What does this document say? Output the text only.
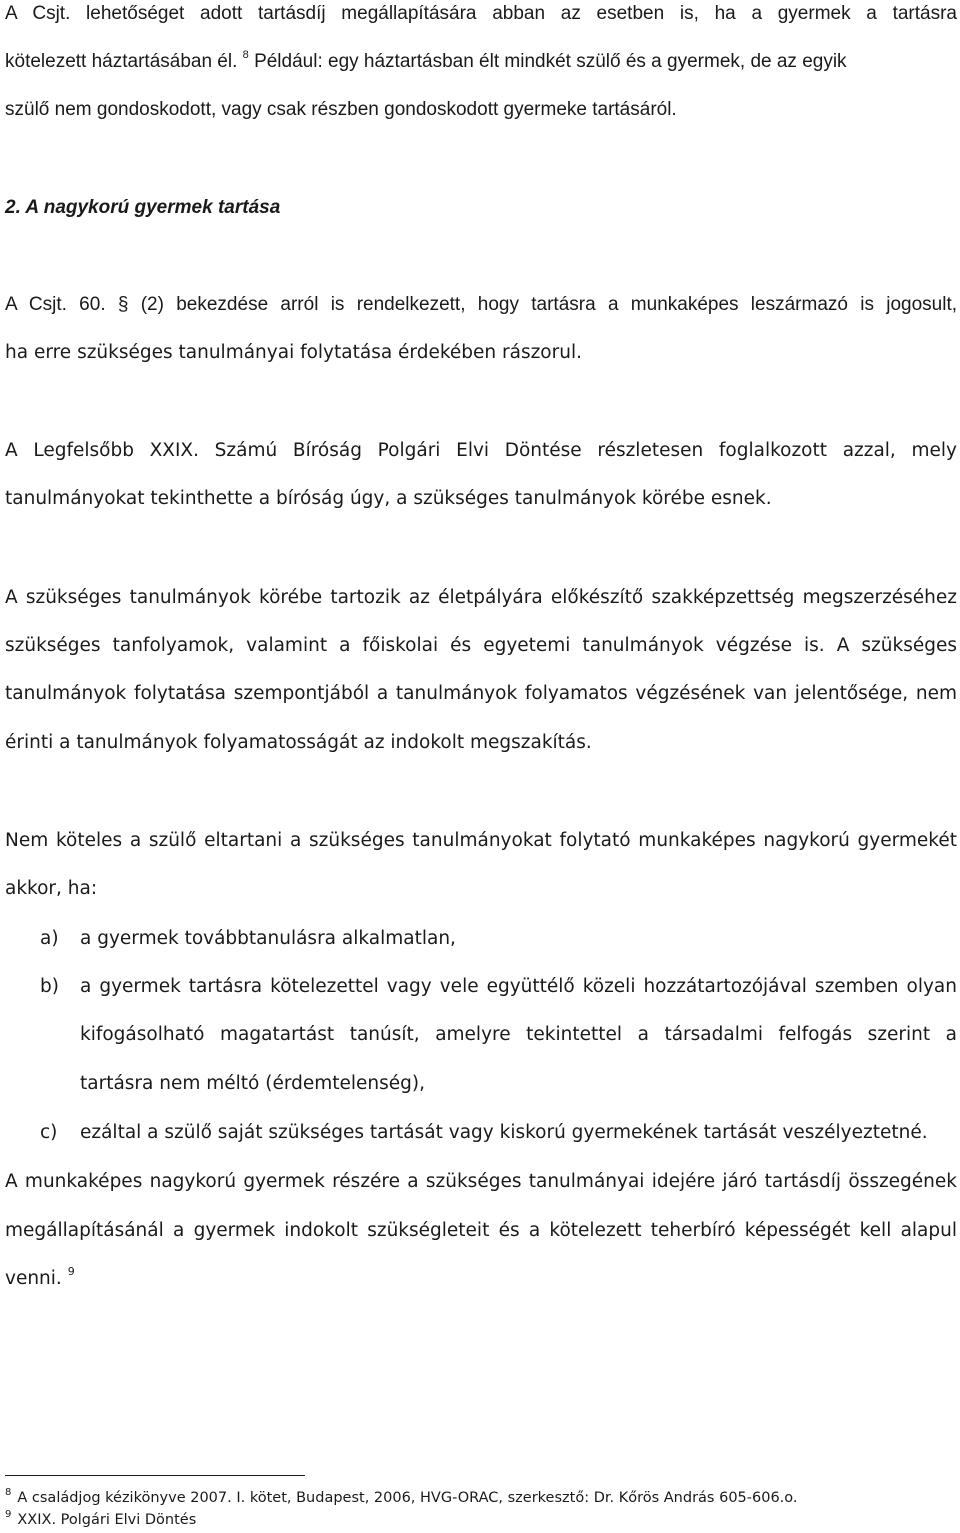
A Csjt. lehetőséget adott tartásdíj megállapítására abban az esetben is, ha a gyermek a tartásra
kötelezett háztartásában él. $^8$ Például: egy háztartásban élt mindkét szülő és a gyermek, de az egyik
szülő nem gondoskodott, vagy csak részben gondoskodott gyermeke tartásáról.
2. A nagykorú gyermek tartása
A Csjt. 60. § (2) bekezdése arról is rendelkezett, hogy tartásra a munkaképes leszármazó is jogosult,
ha erre szükséges tanulmányai folytatása érdekében rászorul.
A Legfelsőbb XXIX. Számú Bíróság Polgári Elvi Döntése részletesen foglalkozott azzal, mely
tanulmányokat tekinthette a bíróság úgy, a szükséges tanulmányok körébe esnek.
A szükséges tanulmányok körébe tartozik az életpályára előkészítő szakképzettség megszerzéséhez
szükséges tanfolyamok, valamint a főiskolai és egyetemi tanulmányok végzése is. A szükséges
tanulmányok folytatása szempontjából a tanulmányok folyamatos végzésének van jelentősége, nem
érinti a tanulmányok folyamatosságát az indokolt megszakítás.
Nem köteles a szülő eltartani a szükséges tanulmányokat folytató munkaképes nagykorú gyermekét
akkor, ha:
a) a gyermek továbbtanulásra alkalmatlan,
b) a gyermek tartásra kötelezettel vagy vele együttélő közeli hozzátartozójával szemben olyan
kifogásolható magatartást tanúsít, amelyre tekintettel a társadalmi felfogás szerint a
tartásra nem méltó (érdemtelenség),
c) ezáltal a szülő saját szükséges tartását vagy kiskorú gyermekének tartását veszélyeztetné.
A munkaképes nagykorú gyermek részére a szükséges tanulmányai idejére járó tartásdíj összegének
megállapításánál a gyermek indokolt szükségleteit és a kötelezett teherbíró képességét kell alapul
venni. $^9$
$^8$ A családjog kézikönyve 2007. I. kötet, Budapest, 2006, HVG-ORAC, szerkesztő: Dr. Kőrös András 605-606.o.
$^9$ XXIX. Polgári Elvi Döntés
